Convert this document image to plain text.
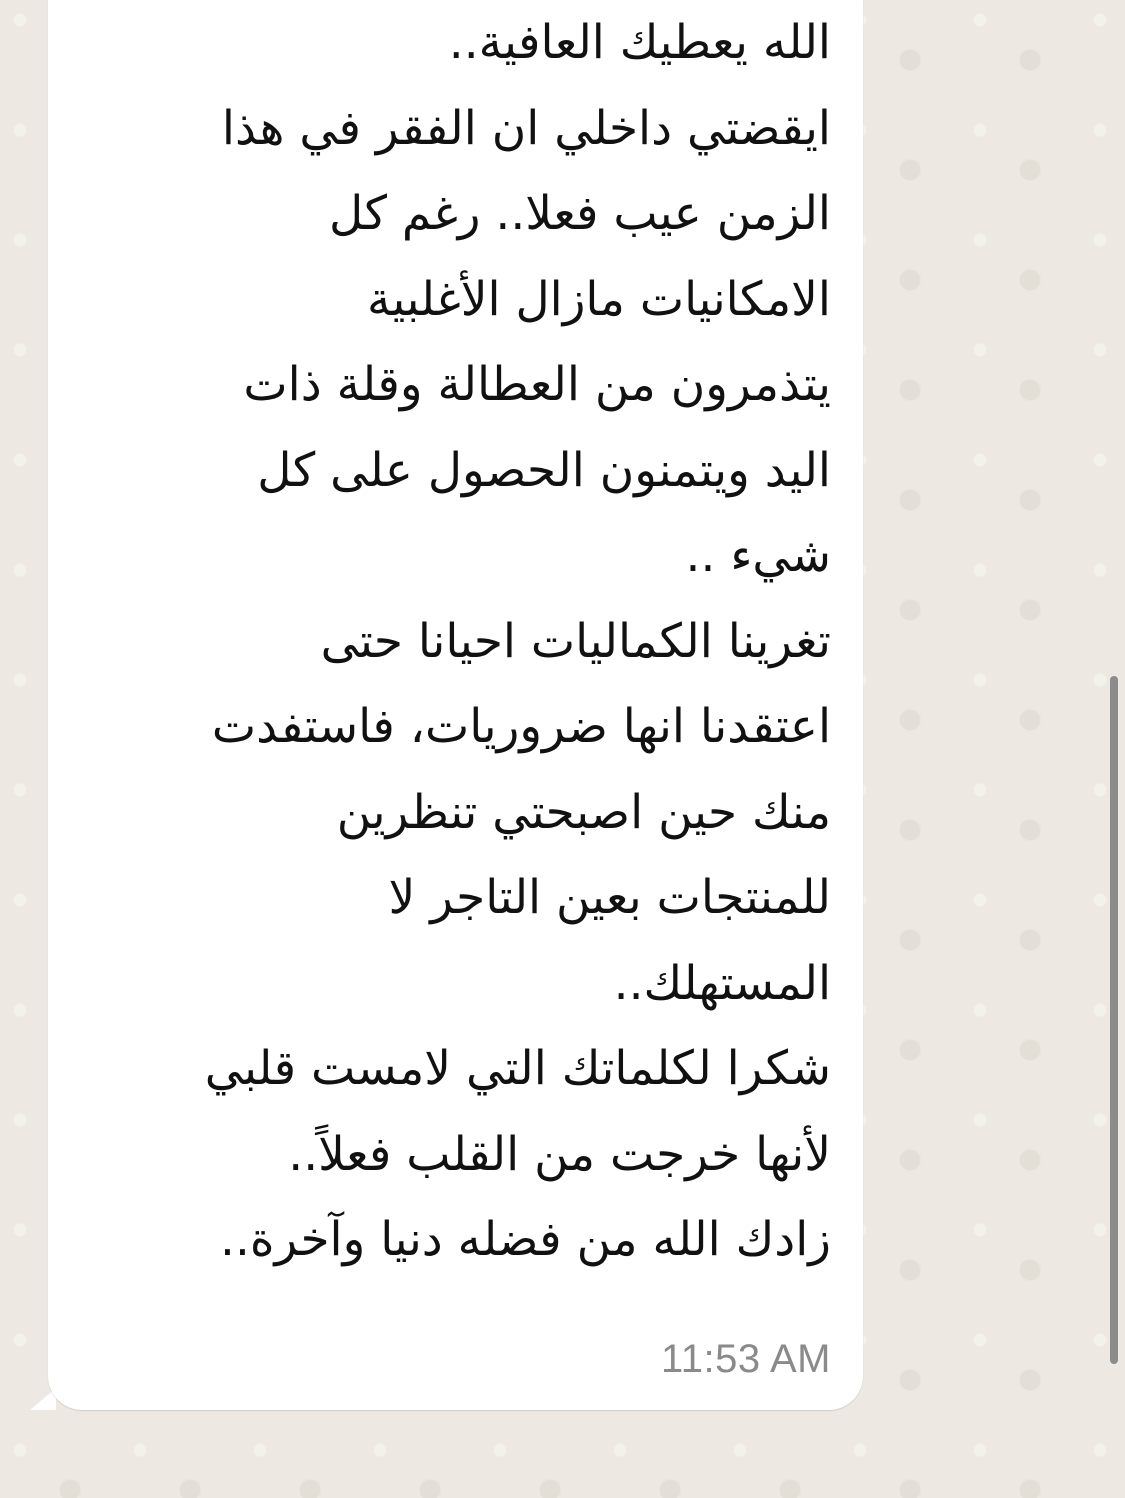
الله يعطيك العافية..
ايقضتي داخلي ان الفقر في هذا
الزمن عيب فعلا.. رغم كل
الامكانيات مازال الأغلبية
يتذمرون من العطالة وقلة ذات
اليد ويتمنون الحصول على كل
شيء ..
تغرينا الكماليات احيانا حتى
اعتقدنا انها ضروريات، فاستفدت
منك حين اصبحتي تنظرين
للمنتجات بعين التاجر لا
المستهلك..
شكرا لكلماتك التي لامست قلبي
لأنها خرجت من القلب فعلاً..
زادك الله من فضله دنيا وآخرة..
11:53 AM
